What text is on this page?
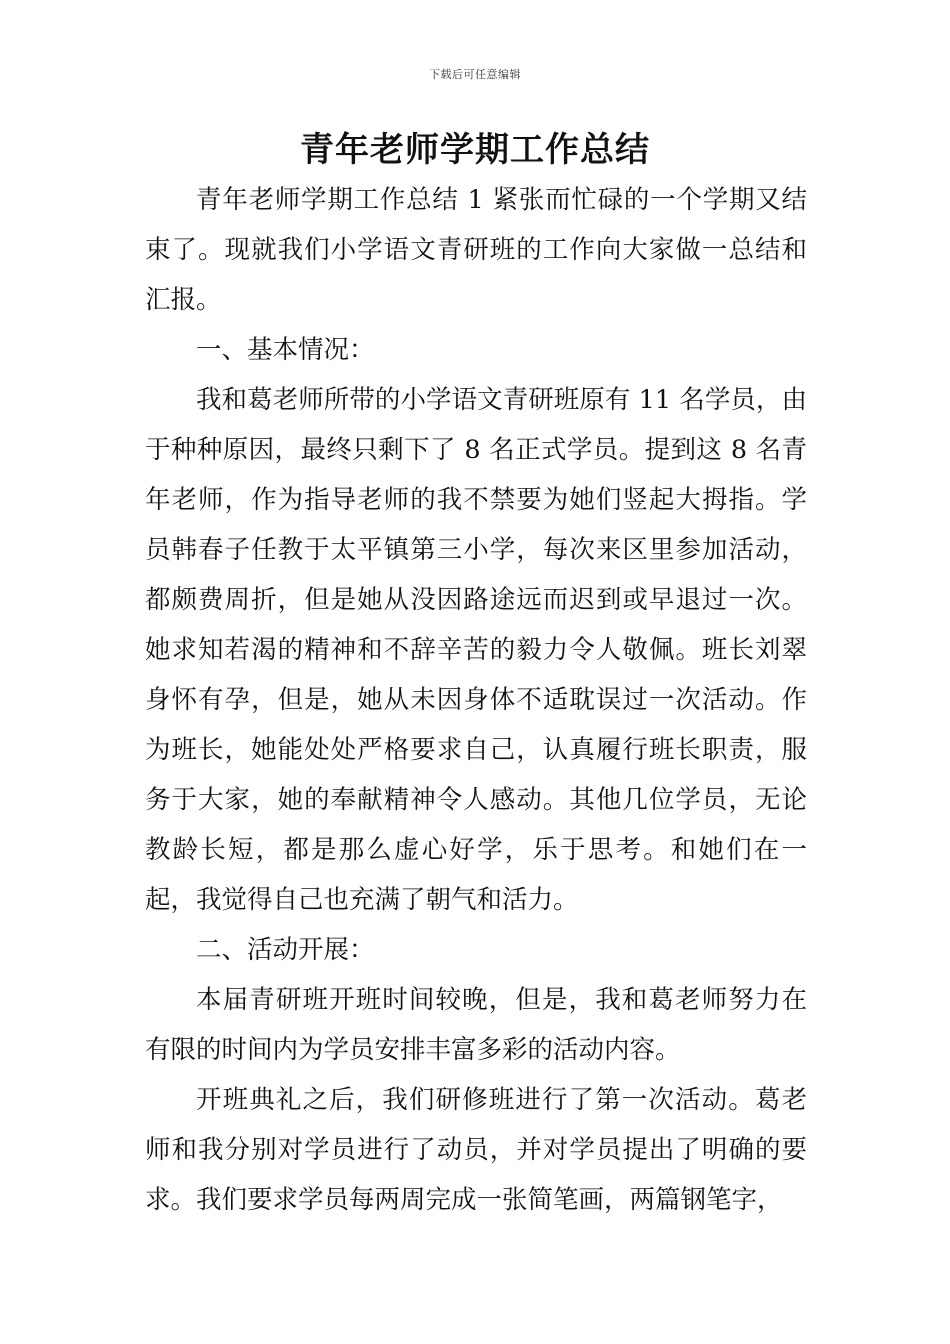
下载后可任意编辑
青年老师学期工作总结

青年老师学期工作总结 1 紧张而忙碌的一个学期又结束了。现就我们小学语文青研班的工作向大家做一总结和汇报。

一、基本情况：

我和葛老师所带的小学语文青研班原有 11 名学员，由于种种原因，最终只剩下了 8 名正式学员。提到这 8 名青年老师，作为指导老师的我不禁要为她们竖起大拇指。学员韩春子任教于太平镇第三小学，每次来区里参加活动，都颇费周折，但是她从没因路途远而迟到或早退过一次。她求知若渴的精神和不辞辛苦的毅力令人敬佩。班长刘翠身怀有孕，但是，她从未因身体不适耽误过一次活动。作为班长，她能处处严格要求自己，认真履行班长职责，服务于大家，她的奉献精神令人感动。其他几位学员，无论教龄长短，都是那么虚心好学，乐于思考。和她们在一起，我觉得自己也充满了朝气和活力。

二、活动开展：

本届青研班开班时间较晚，但是，我和葛老师努力在有限的时间内为学员安排丰富多彩的活动内容。

开班典礼之后，我们研修班进行了第一次活动。葛老师和我分别对学员进行了动员，并对学员提出了明确的要求。我们要求学员每两周完成一张简笔画，两篇钢笔字，
